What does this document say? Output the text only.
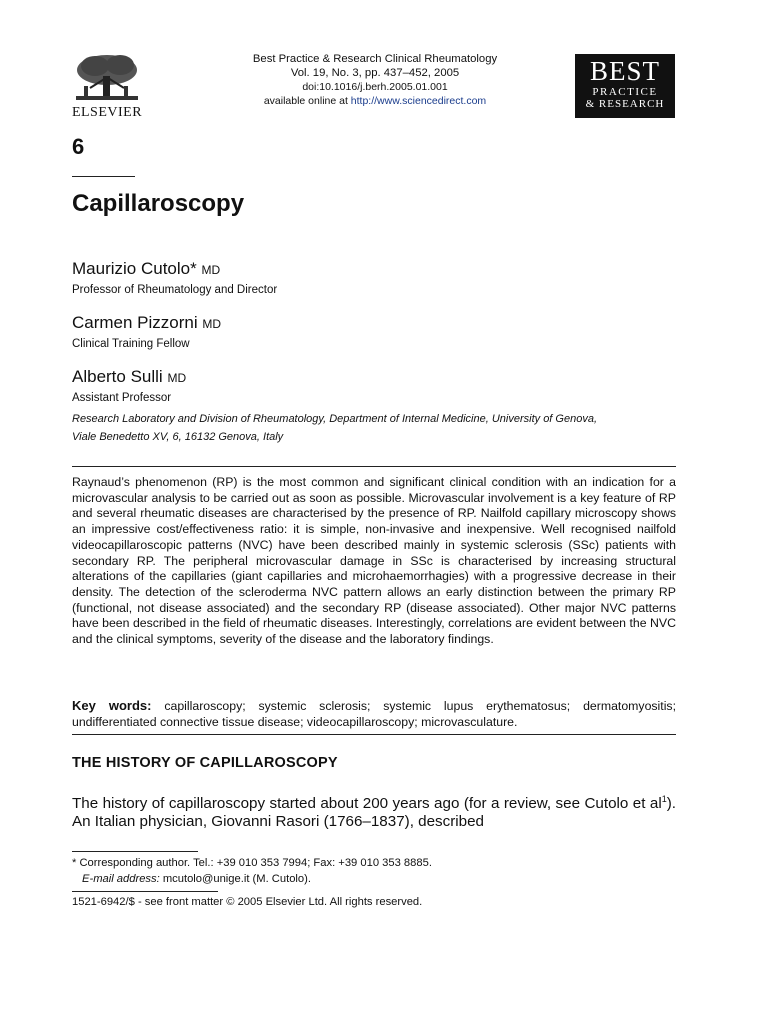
ELSEVIER
Best Practice & Research Clinical Rheumatology
Vol. 19, No. 3, pp. 437–452, 2005
doi:10.1016/j.berh.2005.01.001
available online at http://www.sciencedirect.com
BEST
PRACTICE
& RESEARCH
6
Capillaroscopy
Maurizio Cutolo* MD
Professor of Rheumatology and Director
Carmen Pizzorni MD
Clinical Training Fellow
Alberto Sulli MD
Assistant Professor
Research Laboratory and Division of Rheumatology, Department of Internal Medicine, University of Genova,
Viale Benedetto XV, 6, 16132 Genova, Italy
Raynaud’s phenomenon (RP) is the most common and significant clinical condition with an indication for a microvascular analysis to be carried out as soon as possible. Microvascular involvement is a key feature of RP and several rheumatic diseases are characterised by the presence of RP. Nailfold capillary microscopy shows an impressive cost/effectiveness ratio: it is simple, non-invasive and inexpensive. Well recognised nailfold videocapillaroscopic patterns (NVC) have been described mainly in systemic sclerosis (SSc) patients with secondary RP. The peripheral microvascular damage in SSc is characterised by increasing structural alterations of the capillaries (giant capillaries and microhaemorrhagies) with a progressive decrease in their density. The detection of the scleroderma NVC pattern allows an early distinction between the primary RP (functional, not disease associated) and the secondary RP (disease associated). Other major NVC patterns have been described in the field of rheumatic diseases. Interestingly, correlations are evident between the NVC and the clinical symptoms, severity of the disease and the laboratory findings.
Key words: capillaroscopy; systemic sclerosis; systemic lupus erythematosus; dermatomyositis; undifferentiated connective tissue disease; videocapillaroscopy; microvasculature.
THE HISTORY OF CAPILLAROSCOPY
The history of capillaroscopy started about 200 years ago (for a review, see Cutolo et $al^1$). An Italian physician, Giovanni Rasori (1766–1837), described
* Corresponding author. Tel.: +39 010 353 7994; Fax: +39 010 353 8885.
E-mail address: mcutolo@unige.it (M. Cutolo).
1521-6942/$ - see front matter © 2005 Elsevier Ltd. All rights reserved.
